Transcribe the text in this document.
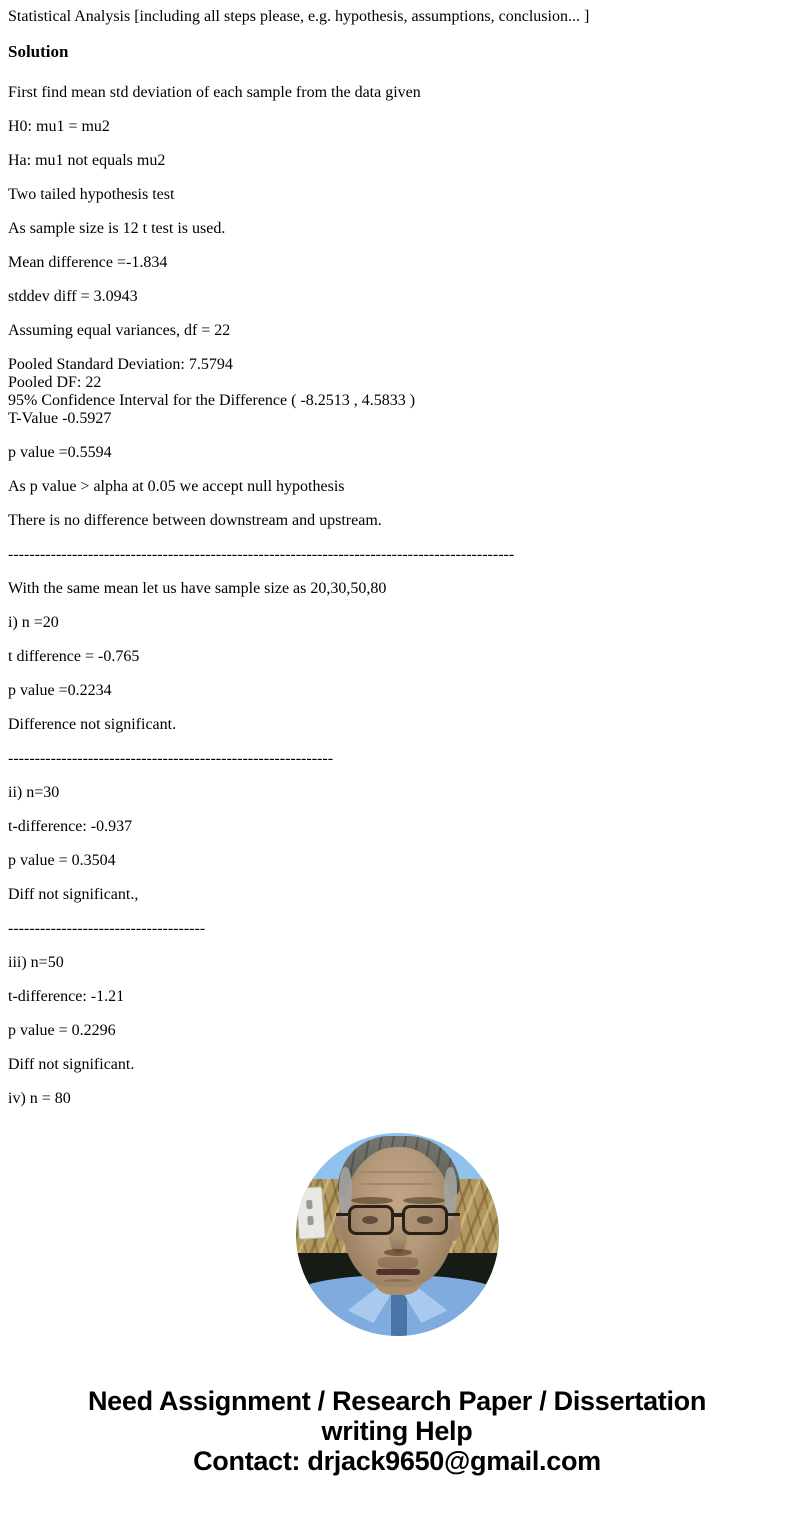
Statistical Analysis [including all steps please, e.g. hypothesis, assumptions, conclusion... ]

Solution

First find mean std deviation of each sample from the data given

H0: mu1 = mu2

Ha: mu1 not equals mu2

Two tailed hypothesis test

As sample size is 12 t test is used.

Mean difference =-1.834

stddev diff = 3.0943

Assuming equal variances, df = 22

Pooled Standard Deviation: 7.5794
Pooled DF: 22
95% Confidence Interval for the Difference ( -8.2513 , 4.5833 )
T-Value -0.5927

p value =0.5594

As p value > alpha at 0.05 we accept null hypothesis

There is no difference between downstream and upstream.

-----------------------------------------------------------------------------------------------

With the same mean let us have sample size as 20,30,50,80

i) n =20

t difference = -0.765

p value =0.2234

Difference not significant.

-------------------------------------------------------------

ii) n=30

t-difference: -0.937

p value = 0.3504

Diff not significant.,

-------------------------------------

iii) n=50

t-difference: -1.21

p value = 0.2296

Diff not significant.

iv) n = 80

Need Assignment / Research Paper / Dissertation
writing Help
Contact: drjack9650@gmail.com
